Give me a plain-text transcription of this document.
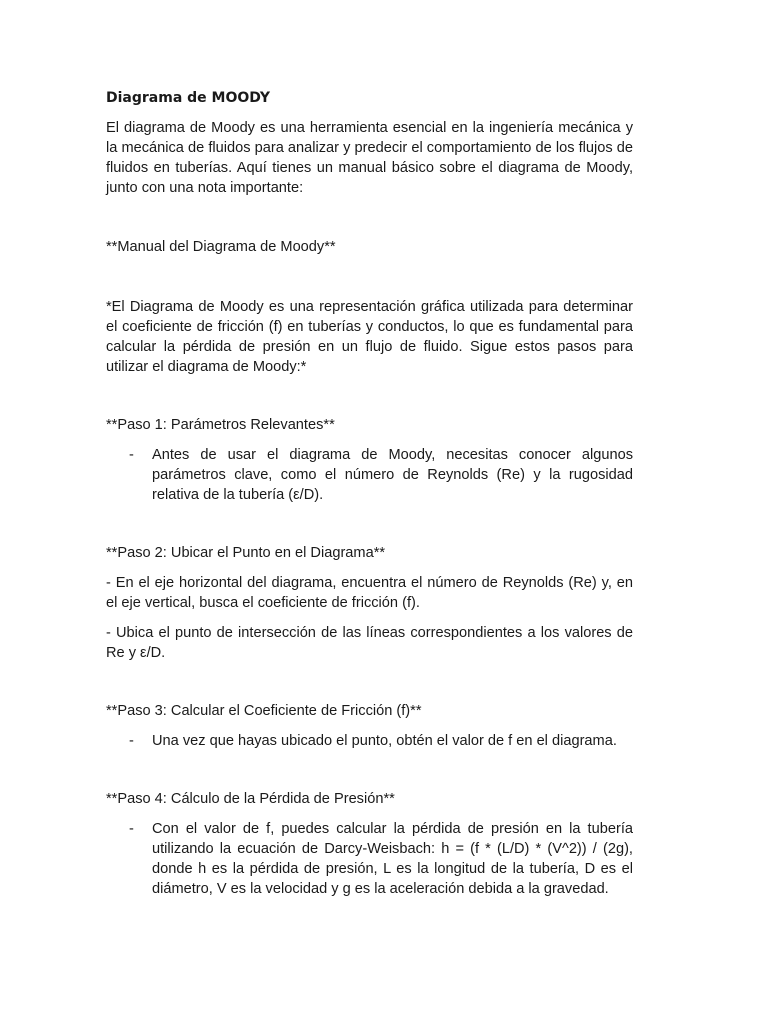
Diagrama de MOODY

El diagrama de Moody es una herramienta esencial en la ingeniería mecánica y la mecánica de fluidos para analizar y predecir el comportamiento de los flujos de fluidos en tuberías. Aquí tienes un manual básico sobre el diagrama de Moody, junto con una nota importante:

**Manual del Diagrama de Moody**

*El Diagrama de Moody es una representación gráfica utilizada para determinar el coeficiente de fricción (f) en tuberías y conductos, lo que es fundamental para calcular la pérdida de presión en un flujo de fluido. Sigue estos pasos para utilizar el diagrama de Moody:*

**Paso 1: Parámetros Relevantes**

- Antes de usar el diagrama de Moody, necesitas conocer algunos parámetros clave, como el número de Reynolds (Re) y la rugosidad relativa de la tubería (ε/D).

**Paso 2: Ubicar el Punto en el Diagrama**

- En el eje horizontal del diagrama, encuentra el número de Reynolds (Re) y, en el eje vertical, busca el coeficiente de fricción (f).

- Ubica el punto de intersección de las líneas correspondientes a los valores de Re y ε/D.

**Paso 3: Calcular el Coeficiente de Fricción (f)**

- Una vez que hayas ubicado el punto, obtén el valor de f en el diagrama.

**Paso 4: Cálculo de la Pérdida de Presión**

- Con el valor de f, puedes calcular la pérdida de presión en la tubería utilizando la ecuación de Darcy-Weisbach: h = (f * (L/D) * (V^2)) / (2g), donde h es la pérdida de presión, L es la longitud de la tubería, D es el diámetro, V es la velocidad y g es la aceleración debida a la gravedad.
